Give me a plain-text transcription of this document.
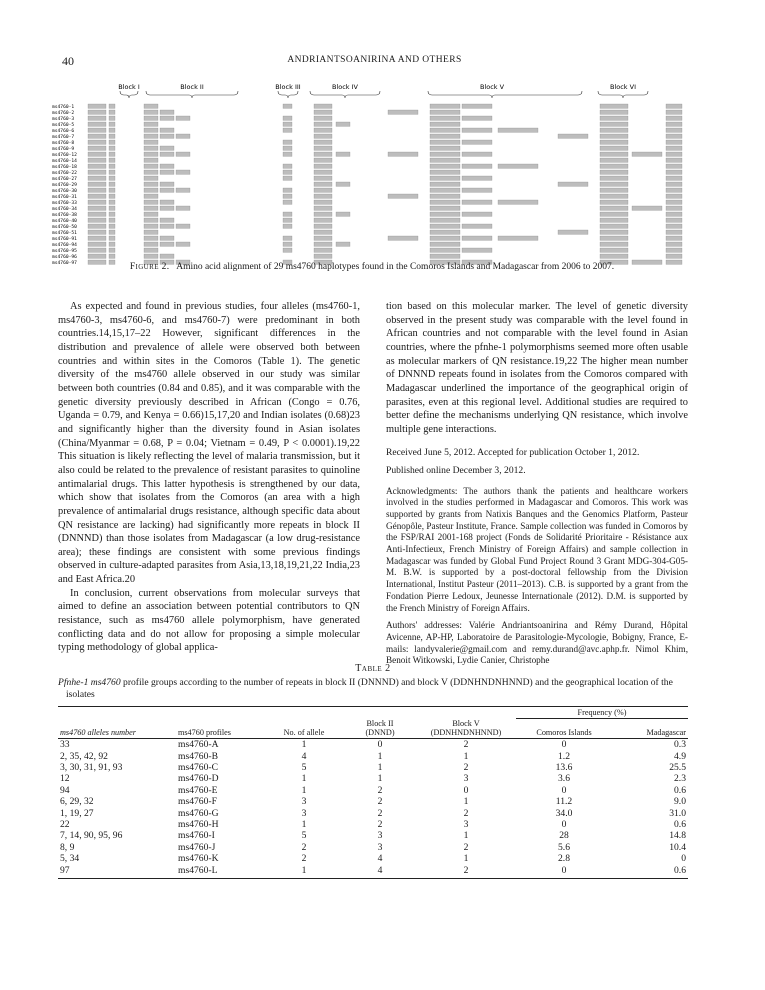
40	ANDRIANTSOANIRINA AND OTHERS
Block I	Block II	Block III	Block IV	Block V	Block VI
ms4760-1
ms4760-2
ms4760-3
ms4760-5
ms4760-6
ms4760-7
ms4760-8
ms4760-9
ms4760-12
ms4760-14
ms4760-18
ms4760-22
ms4760-27
ms4760-29
ms4760-30
ms4760-31
ms4760-33
ms4760-34
ms4760-38
ms4760-40
ms4760-50
ms4760-51
ms4760-91
ms4760-94
ms4760-95
ms4760-96
ms4760-97	Figure 2. Amino acid alignment of 29 ms4760 haplotypes found in the Comoros Islands and Madagascar from 2006 to 2007.

As expected and found in previous studies, four alleles (ms4760-1, ms4760-3, ms4760-6, and ms4760-7) were predominant in both countries.14,15,17–22 However, significant differences in the distribution and prevalence of allele were observed both between countries and within sites in the Comoros (Table 1). The genetic diversity of the ms4760 allele observed in our study was similar between both countries (0.84 and 0.85), and it was comparable with the genetic diversity previously described in African (Congo = 0.76, Uganda = 0.79, and Kenya = 0.66)15,17,20 and Indian isolates (0.68)23 and significantly higher than the diversity found in Asian isolates (China/Myanmar = 0.68, P = 0.04; Vietnam = 0.49, P < 0.0001).19,22 This situation is likely reflecting the level of malaria transmission, but it also could be related to the prevalence of resistant parasites to quinoline antimalarial drugs. This latter hypothesis is strengthened by our data, which show that isolates from the Comoros (an area with a high prevalence of antimalarial drugs resistance, although specific data about QN resistance are lacking) had significantly more repeats in block II (DNNND) than those isolates from Madagascar (a low drug-resistance area); these findings are consistent with some previous findings observed in culture-adapted parasites from Asia,13,18,19,21,22 India,23 and East Africa.20

In conclusion, current observations from molecular surveys that aimed to define an association between potential contributors to QN resistance, such as ms4760 allele polymorphism, have generated conflicting data and do not allow for proposing a simple molecular typing methodology of global applica-

tion based on this molecular marker. The level of genetic diversity observed in the present study was comparable with the level found in African countries and not comparable with the level found in Asian countries, where the pfnhe-1 polymorphisms seemed more often usable as molecular markers of QN resistance.19,22 The higher mean number of DNNND repeats found in isolates from the Comoros compared with Madagascar underlined the importance of the geographical origin of parasites, even at this regional level. Additional studies are required to better define the mechanisms underlying QN resistance, which involve multiple gene interactions.

Received June 5, 2012. Accepted for publication October 1, 2012.
Published online December 3, 2012.
Acknowledgments: The authors thank the patients and healthcare workers involved in the studies performed in Madagascar and Comoros. This work was supported by grants from Natixis Banques and the Genomics Platform, Pasteur Génopôle, Pasteur Institute, France. Sample collection was funded in Comoros by the FSP/RAI 2001-168 project (Fonds de Solidarité Prioritaire - Résistance aux Anti-Infectieux, French Ministry of Foreign Affairs) and sample collection in Madagascar was funded by Global Fund Project Round 3 Grant MDG-304-G05-M. B.W. is supported by a post-doctoral fellowship from the Division International, Institut Pasteur (2011–2013). C.B. is supported by a grant from the Fondation Pierre Ledoux, Jeunesse Internationale (2012). D.M. is supported by the French Ministry of Foreign Affairs.
Authors' addresses: Valérie Andriantsoanirina and Rémy Durand, Hôpital Avicenne, AP-HP, Laboratoire de Parasitologie-Mycologie, Bobigny, France, E-mails: landyvalerie@gmail.com and remy.durand@avc.aphp.fr. Nimol Khim, Benoit Witkowski, Lydie Canier, Christophe
Table 2
Pfnhe-1 ms4760 profile groups according to the number of repeats in block II (DNNND) and block V (DDNHNDNHNND) and the geographical location of the isolates
					Frequency (%)	
ms4760 alleles number	ms4760 profiles	No. of allele	Block II
(DNND)	Block V
(DDNHNDNHNND)	Comoros Islands	Madagascar
33	ms4760-A	1	0	2	0	0.3
2, 35, 42, 92	ms4760-B	4	1	1	1.2	4.9
3, 30, 31, 91, 93	ms4760-C	5	1	2	13.6	25.5
12	ms4760-D	1	1	3	3.6	2.3
94	ms4760-E	1	2	0	0	0.6
6, 29, 32	ms4760-F	3	2	1	11.2	9.0
1, 19, 27	ms4760-G	3	2	2	34.0	31.0
22	ms4760-H	1	2	3	0	0.6
7, 14, 90, 95, 96	ms4760-I	5	3	1	28	14.8
8, 9	ms4760-J	2	3	2	5.6	10.4
5, 34	ms4760-K	2	4	1	2.8	0
97	ms4760-L	1	4	2	0	0.6
